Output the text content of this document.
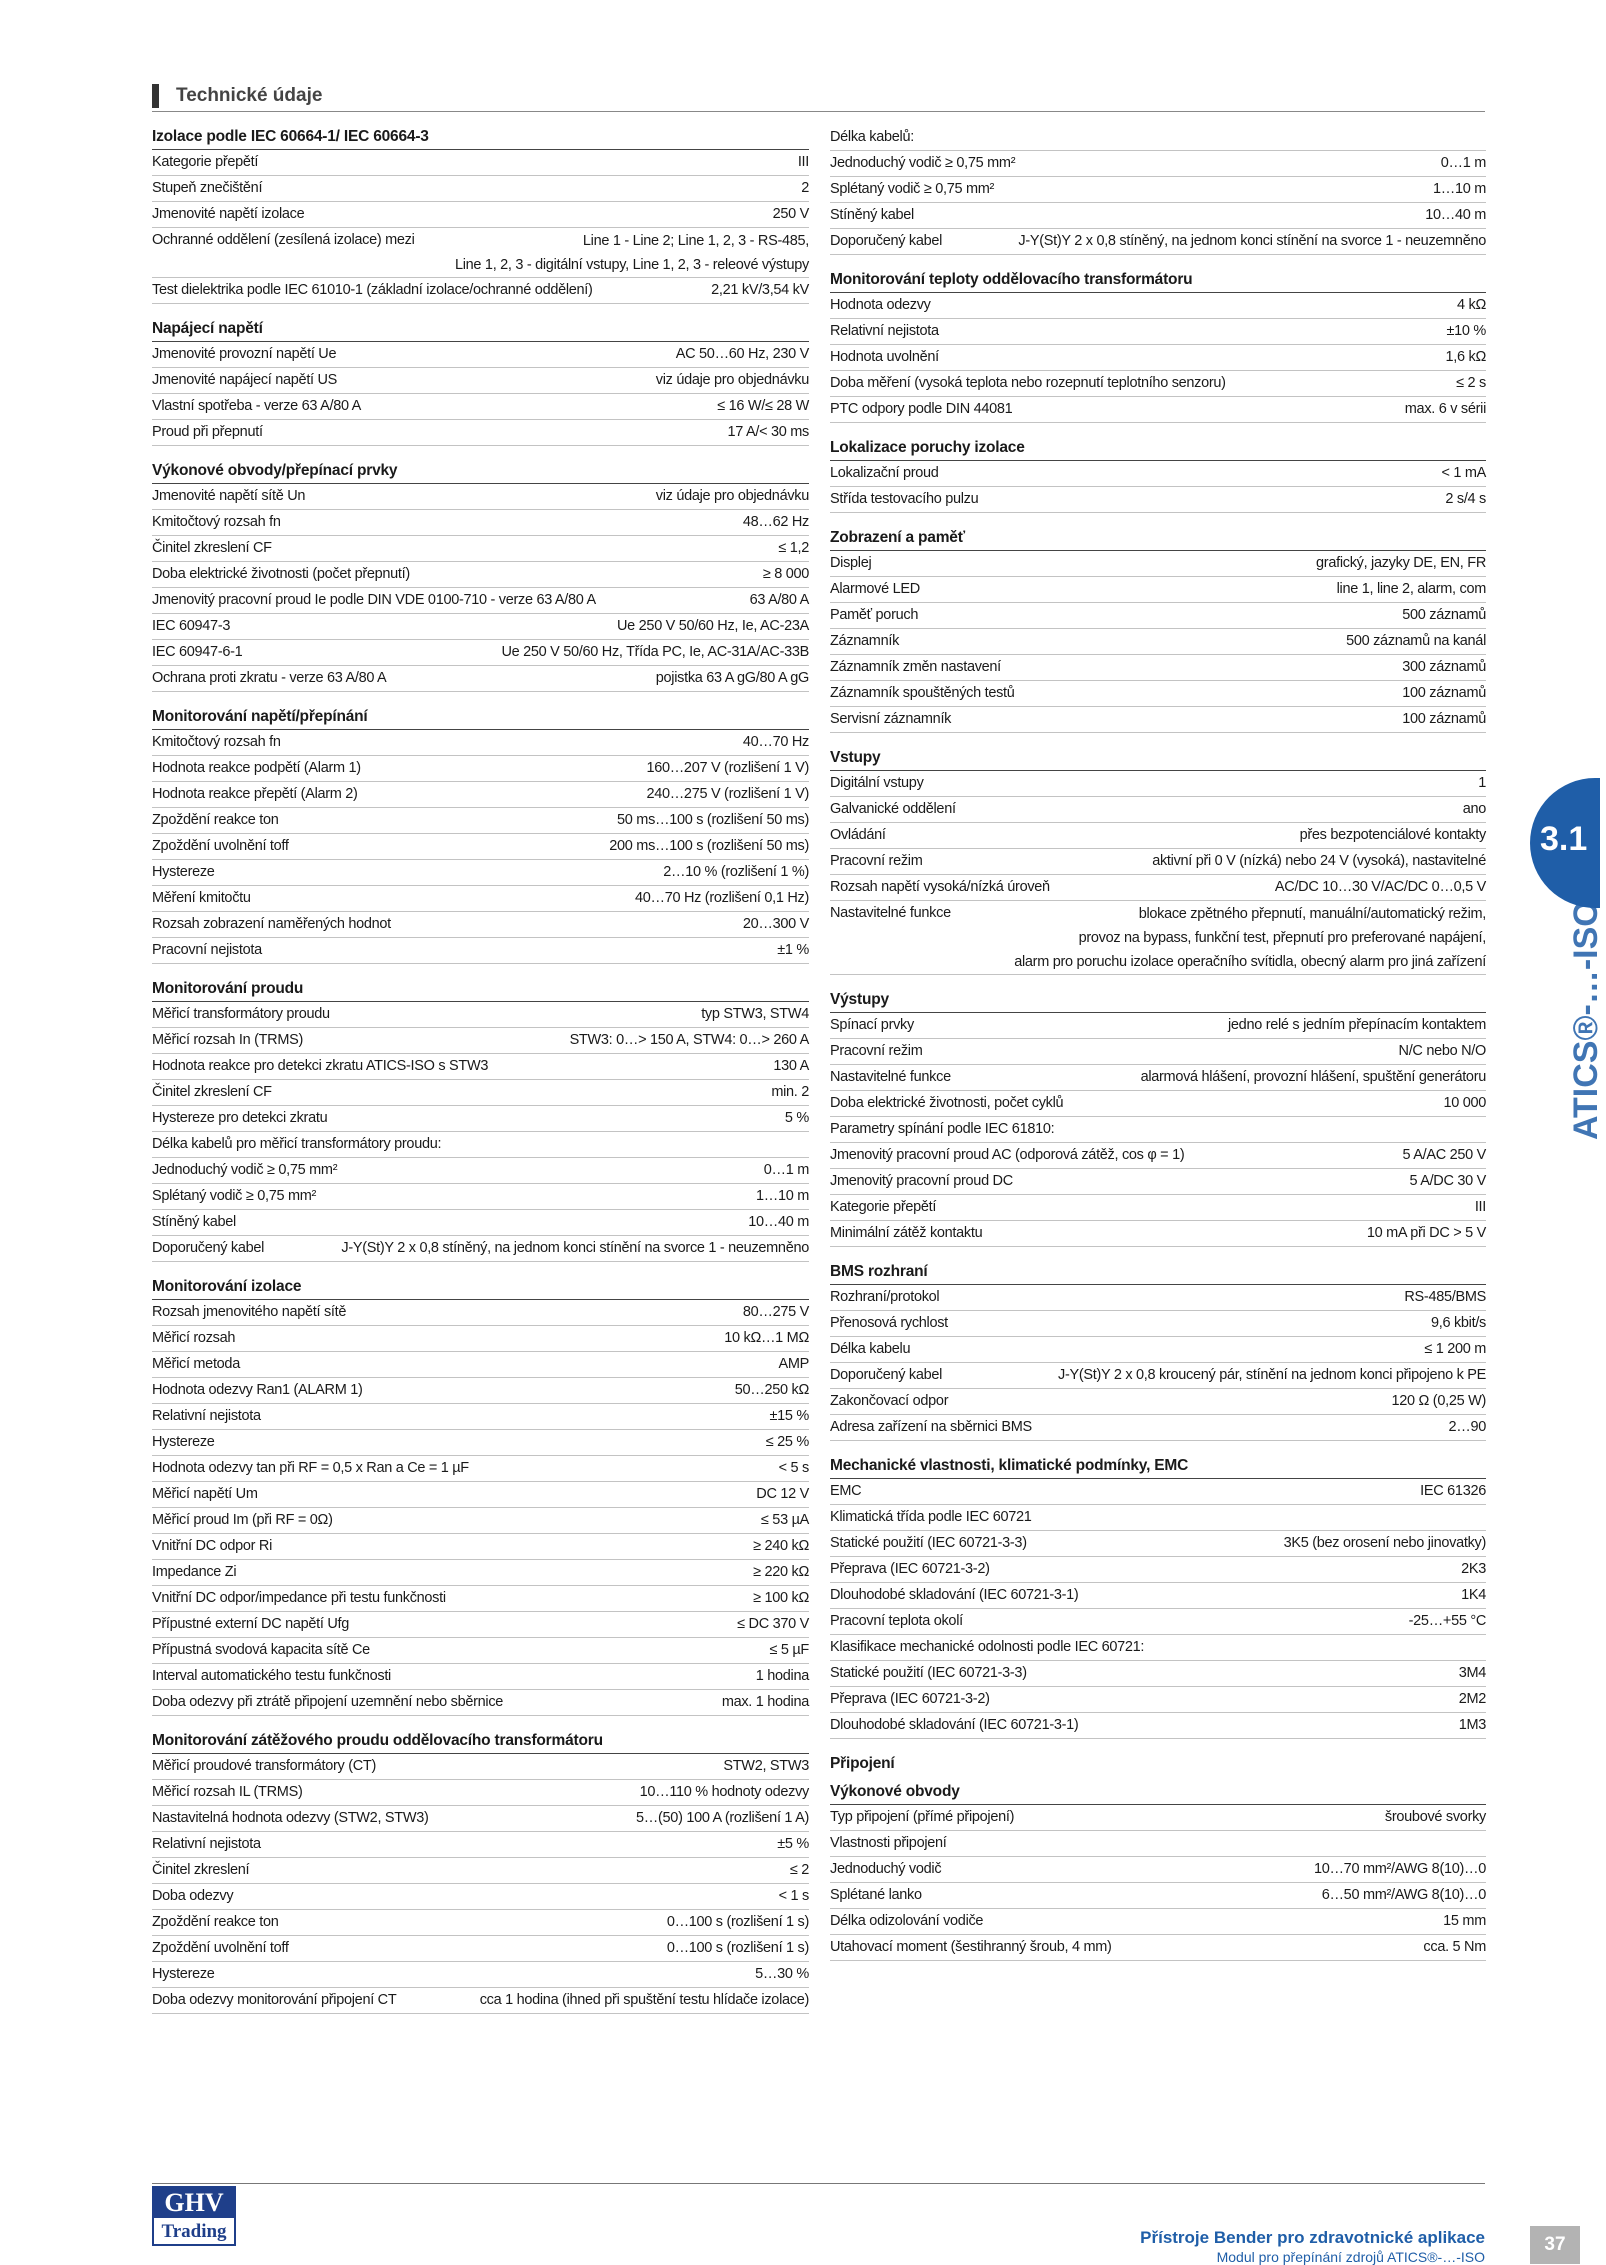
Technické údaje
Izolace podle IEC 60664-1/ IEC 60664-3
Kategorie přepětí	III
Stupeň znečištění	2
Jmenovité napětí izolace	250 V
Ochranné oddělení (zesílená izolace) mezi	Line 1 - Line 2; Line 1, 2, 3 - RS-485,
Line 1, 2, 3 - digitální vstupy, Line 1, 2, 3 - releové výstupy
Test dielektrika podle IEC 61010-1 (základní izolace/ochranné oddělení)	2,21 kV/3,54 kV
Napájecí napětí
Jmenovité provozní napětí Ue	AC 50…60 Hz, 230 V
Jmenovité napájecí napětí US	viz údaje pro objednávku
Vlastní spotřeba - verze 63 A/80 A	≤ 16 W/≤ 28 W
Proud při přepnutí	17 A/< 30 ms
Výkonové obvody/přepínací prvky
Jmenovité napětí sítě Un	viz údaje pro objednávku
Kmitočtový rozsah fn	48…62 Hz
Činitel zkreslení CF	≤ 1,2
Doba elektrické životnosti (počet přepnutí)	≥ 8 000
Jmenovitý pracovní proud Ie podle DIN VDE 0100-710 - verze 63 A/80 A	63 A/80 A
IEC 60947-3	Ue 250 V 50/60 Hz, Ie, AC-23A
IEC 60947-6-1	Ue 250 V 50/60 Hz, Třída PC, Ie, AC-31A/AC-33B
Ochrana proti zkratu - verze 63 A/80 A	pojistka 63 A gG/80 A gG
Monitorování napětí/přepínání
Kmitočtový rozsah fn	40…70 Hz
Hodnota reakce podpětí (Alarm 1)	160…207 V (rozlišení 1 V)
Hodnota reakce přepětí (Alarm 2)	240…275 V (rozlišení 1 V)
Zpoždění reakce ton	50 ms…100 s (rozlišení 50 ms)
Zpoždění uvolnění toff	200 ms…100 s (rozlišení 50 ms)
Hystereze	2…10 % (rozlišení 1 %)
Měření kmitočtu	40…70 Hz (rozlišení 0,1 Hz)
Rozsah zobrazení naměřených hodnot	20…300 V
Pracovní nejistota	±1 %
Monitorování proudu
Měřicí transformátory proudu	typ STW3, STW4
Měřicí rozsah In (TRMS)	STW3: 0…> 150 A, STW4: 0…> 260 A
Hodnota reakce pro detekci zkratu ATICS-ISO s STW3	130 A
Činitel zkreslení CF	min. 2
Hystereze pro detekci zkratu	5 %
Délka kabelů pro měřicí transformátory proudu:
Jednoduchý vodič ≥ 0,75 mm²	0…1 m
Splétaný vodič ≥ 0,75 mm²	1…10 m
Stíněný kabel	10…40 m
Doporučený kabel	J-Y(St)Y 2 x 0,8 stíněný, na jednom konci stínění na svorce 1 - neuzemněno
Monitorování izolace
Rozsah jmenovitého napětí sítě	80…275 V
Měřicí rozsah	10 kΩ…1 MΩ
Měřicí metoda	AMP
Hodnota odezvy Ran1 (ALARM 1)	50…250 kΩ
Relativní nejistota	±15 %
Hystereze	≤ 25 %
Hodnota odezvy tan při RF = 0,5 x Ran a Ce = 1 µF	< 5 s
Měřicí napětí Um	DC 12 V
Měřicí proud Im (při RF = 0Ω)	≤ 53 µA
Vnitřní DC odpor Ri	≥ 240 kΩ
Impedance Zi	≥ 220 kΩ
Vnitřní DC odpor/impedance při testu funkčnosti	≥ 100 kΩ
Přípustné externí DC napětí Ufg	≤ DC 370 V
Přípustná svodová kapacita sítě Ce	≤ 5 µF
Interval automatického testu funkčnosti	1 hodina
Doba odezvy při ztrátě připojení uzemnění nebo sběrnice	max. 1 hodina
Monitorování zátěžového proudu oddělovacího transformátoru
Měřicí proudové transformátory (CT)	STW2, STW3
Měřicí rozsah IL (TRMS)	10…110 % hodnoty odezvy
Nastavitelná hodnota odezvy (STW2, STW3)	5…(50) 100 A (rozlišení 1 A)
Relativní nejistota	±5 %
Činitel zkreslení	≤ 2
Doba odezvy	< 1 s
Zpoždění reakce ton	0…100 s (rozlišení 1 s)
Zpoždění uvolnění toff	0…100 s (rozlišení 1 s)
Hystereze	5…30 %
Doba odezvy monitorování připojení CT	cca 1 hodina (ihned při spuštění testu hlídače izolace)
Délka kabelů:
Jednoduchý vodič ≥ 0,75 mm²	0…1 m
Splétaný vodič ≥ 0,75 mm²	1…10 m
Stíněný kabel	10…40 m
Doporučený kabel	J-Y(St)Y 2 x 0,8 stíněný, na jednom konci stínění na svorce 1 - neuzemněno
Monitorování teploty oddělovacího transformátoru
Hodnota odezvy	4 kΩ
Relativní nejistota	±10 %
Hodnota uvolnění	1,6 kΩ
Doba měření (vysoká teplota nebo rozepnutí teplotního senzoru)	≤ 2 s
PTC odpory podle DIN 44081	max. 6 v sérii
Lokalizace poruchy izolace
Lokalizační proud	< 1 mA
Střída testovacího pulzu	2 s/4 s
Zobrazení a paměť
Displej	grafický, jazyky DE, EN, FR
Alarmové LED	line 1, line 2, alarm, com
Paměť poruch	500 záznamů
Záznamník	500 záznamů na kanál
Záznamník změn nastavení	300 záznamů
Záznamník spouštěných testů	100 záznamů
Servisní záznamník	100 záznamů
Vstupy
Digitální vstupy	1
Galvanické oddělení	ano
Ovládání	přes bezpotenciálové kontakty
Pracovní režim	aktivní při 0 V (nízká) nebo 24 V (vysoká), nastavitelné
Rozsah napětí vysoká/nízká úroveň	AC/DC 10…30 V/AC/DC 0…0,5 V
Nastavitelné funkce	blokace zpětného přepnutí, manuální/automatický režim,
provoz na bypass, funkční test, přepnutí pro preferované napájení,
alarm pro poruchu izolace operačního svítidla, obecný alarm pro jiná zařízení
Výstupy
Spínací prvky	jedno relé s jedním přepínacím kontaktem
Pracovní režim	N/C nebo N/O
Nastavitelné funkce	alarmová hlášení, provozní hlášení, spuštění generátoru
Doba elektrické životnosti, počet cyklů	10 000
Parametry spínání podle IEC 61810:
Jmenovitý pracovní proud AC (odporová zátěž, cos φ = 1)	5 A/AC 250 V
Jmenovitý pracovní proud DC	5 A/DC 30 V
Kategorie přepětí	III
Minimální zátěž kontaktu	10 mA při DC > 5 V
BMS rozhraní
Rozhraní/protokol	RS-485/BMS
Přenosová rychlost	9,6 kbit/s
Délka kabelu	≤ 1 200 m
Doporučený kabel	J-Y(St)Y 2 x 0,8 kroucený pár, stínění na jednom konci připojeno k PE
Zakončovací odpor	120 Ω (0,25 W)
Adresa zařízení na sběrnici BMS	2…90
Mechanické vlastnosti, klimatické podmínky, EMC
EMC	IEC 61326
Klimatická třída podle IEC 60721
Statické použití (IEC 60721-3-3)	3K5 (bez orosení nebo jinovatky)
Přeprava (IEC 60721-3-2)	2K3
Dlouhodobé skladování (IEC 60721-3-1)	1K4
Pracovní teplota okolí	-25…+55 °C
Klasifikace mechanické odolnosti podle IEC 60721:
Statické použití (IEC 60721-3-3)	3M4
Přeprava (IEC 60721-3-2)	2M2
Dlouhodobé skladování (IEC 60721-3-1)	1M3
Připojení
Výkonové obvody
Typ připojení (přímé připojení)	šroubové svorky
Vlastnosti připojení
Jednoduchý vodič	10…70 mm²/AWG 8(10)…0
Splétané lanko	6…50 mm²/AWG 8(10)…0
Délka odizolování vodiče	15 mm
Utahovací moment (šestihranný šroub, 4 mm)	cca. 5 Nm
3.1
ATICS®-…-ISO
GHV
Trading	Přístroje Bender pro zdravotnické aplikace
Modul pro přepínání zdrojů ATICS®-…-ISO
37
